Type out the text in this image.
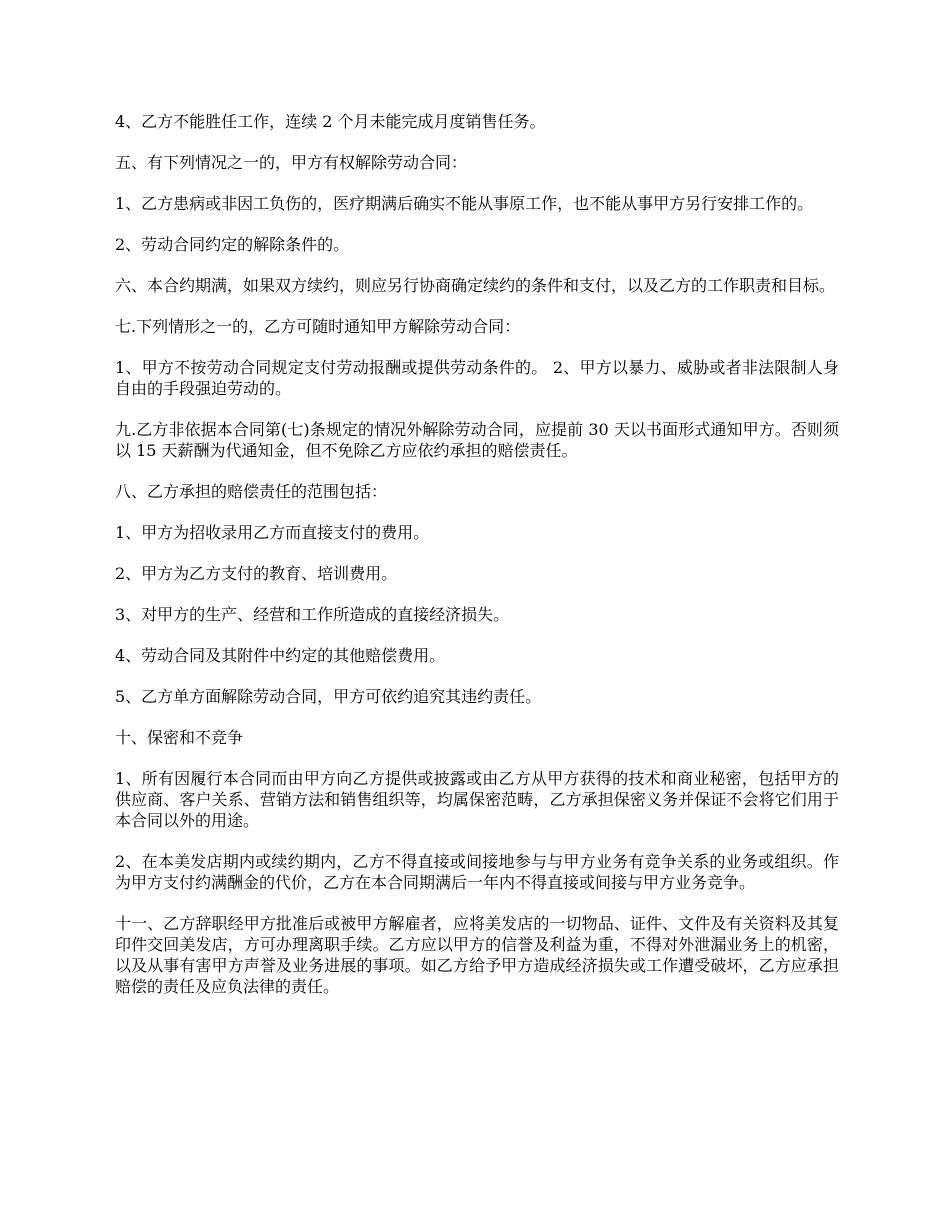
4、乙方不能胜任工作，连续 2 个月未能完成月度销售任务。

五、有下列情况之一的，甲方有权解除劳动合同：

1、乙方患病或非因工负伤的，医疗期满后确实不能从事原工作，也不能从事甲方另行安排工作的。

2、劳动合同约定的解除条件的。

六、本合约期满，如果双方续约，则应另行协商确定续约的条件和支付，以及乙方的工作职责和目标。

七.下列情形之一的，乙方可随时通知甲方解除劳动合同：

1、甲方不按劳动合同规定支付劳动报酬或提供劳动条件的。 2、甲方以暴力、威胁或者非法限制人身自由的手段强迫劳动的。

九.乙方非依据本合同第(七)条规定的情况外解除劳动合同，应提前 30 天以书面形式通知甲方。否则须以 15 天薪酬为代通知金，但不免除乙方应依约承担的赔偿责任。

八、乙方承担的赔偿责任的范围包括：

1、甲方为招收录用乙方而直接支付的费用。

2、甲方为乙方支付的教育、培训费用。

3、对甲方的生产、经营和工作所造成的直接经济损失。

4、劳动合同及其附件中约定的其他赔偿费用。

5、乙方单方面解除劳动合同，甲方可依约追究其违约责任。

十、保密和不竞争

1、所有因履行本合同而由甲方向乙方提供或披露或由乙方从甲方获得的技术和商业秘密，包括甲方的供应商、客户关系、营销方法和销售组织等，均属保密范畴，乙方承担保密义务并保证不会将它们用于本合同以外的用途。

2、在本美发店期内或续约期内，乙方不得直接或间接地参与与甲方业务有竞争关系的业务或组织。作为甲方支付约满酬金的代价，乙方在本合同期满后一年内不得直接或间接与甲方业务竞争。

十一、乙方辞职经甲方批准后或被甲方解雇者，应将美发店的一切物品、证件、文件及有关资料及其复印件交回美发店，方可办理离职手续。乙方应以甲方的信誉及利益为重，不得对外泄漏业务上的机密，以及从事有害甲方声誉及业务进展的事项。如乙方给予甲方造成经济损失或工作遭受破坏，乙方应承担赔偿的责任及应负法律的责任。
